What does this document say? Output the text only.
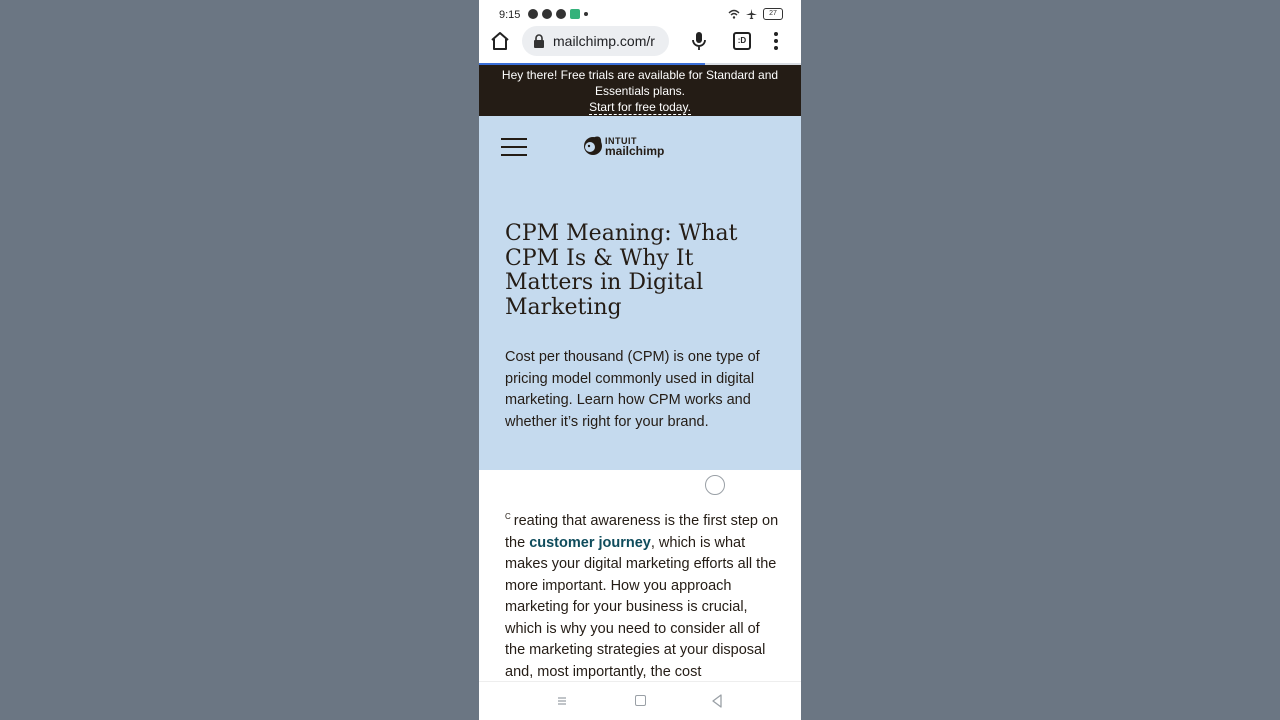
9:15	27
mailchimp.com/r	:D
Hey there! Free trials are available for Standard and Essentials plans.
Start for free today.
INTUIT
mailchimp
CPM Meaning: What CPM Is & Why It Matters in Digital Marketing

Cost per thousand (CPM) is one type of pricing model commonly used in digital marketing. Learn how CPM works and whether it’s right for your brand.

$^C$ reating that awareness is the first step on the customer journey, which is what makes your digital marketing efforts all the more important. How you approach marketing for your business is crucial, which is why you need to consider all of the marketing strategies at your disposal and, most importantly, the cost
